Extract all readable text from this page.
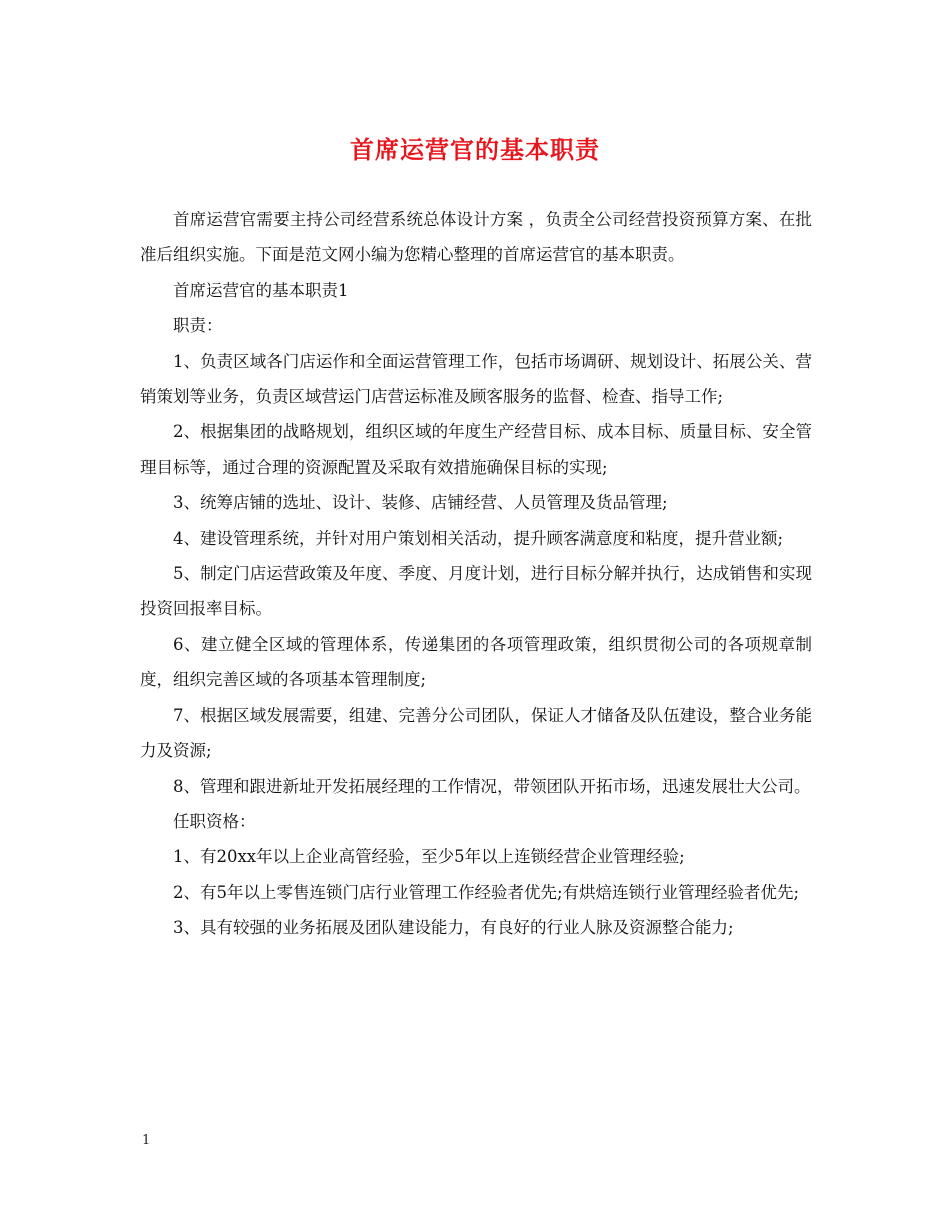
首席运营官的基本职责

首席运营官需要主持公司经营系统总体设计方案 ，负责全公司经营投资预算方案、在批准后组织实施。下面是范文网小编为您精心整理的首席运营官的基本职责。

首席运营官的基本职责1

职责：

1、负责区域各门店运作和全面运营管理工作，包括市场调研、规划设计、拓展公关、营销策划等业务，负责区域营运门店营运标准及顾客服务的监督、检查、指导工作;

2、根据集团的战略规划，组织区域的年度生产经营目标、成本目标、质量目标、安全管理目标等，通过合理的资源配置及采取有效措施确保目标的实现;

3、统筹店铺的选址、设计、装修、店铺经营、人员管理及货品管理;

4、建设管理系统，并针对用户策划相关活动，提升顾客满意度和粘度，提升营业额;

5、制定门店运营政策及年度、季度、月度计划，进行目标分解并执行，达成销售和实现投资回报率目标。

6、建立健全区域的管理体系，传递集团的各项管理政策，组织贯彻公司的各项规章制度，组织完善区域的各项基本管理制度;

7、根据区域发展需要，组建、完善分公司团队，保证人才储备及队伍建设，整合业务能力及资源;

8、管理和跟进新址开发拓展经理的工作情况，带领团队开拓市场，迅速发展壮大公司。

任职资格：

1、有20xx年以上企业高管经验，至少5年以上连锁经营企业管理经验;

2、有5年以上零售连锁门店行业管理工作经验者优先;有烘焙连锁行业管理经验者优先;

3、具有较强的业务拓展及团队建设能力，有良好的行业人脉及资源整合能力;

1
